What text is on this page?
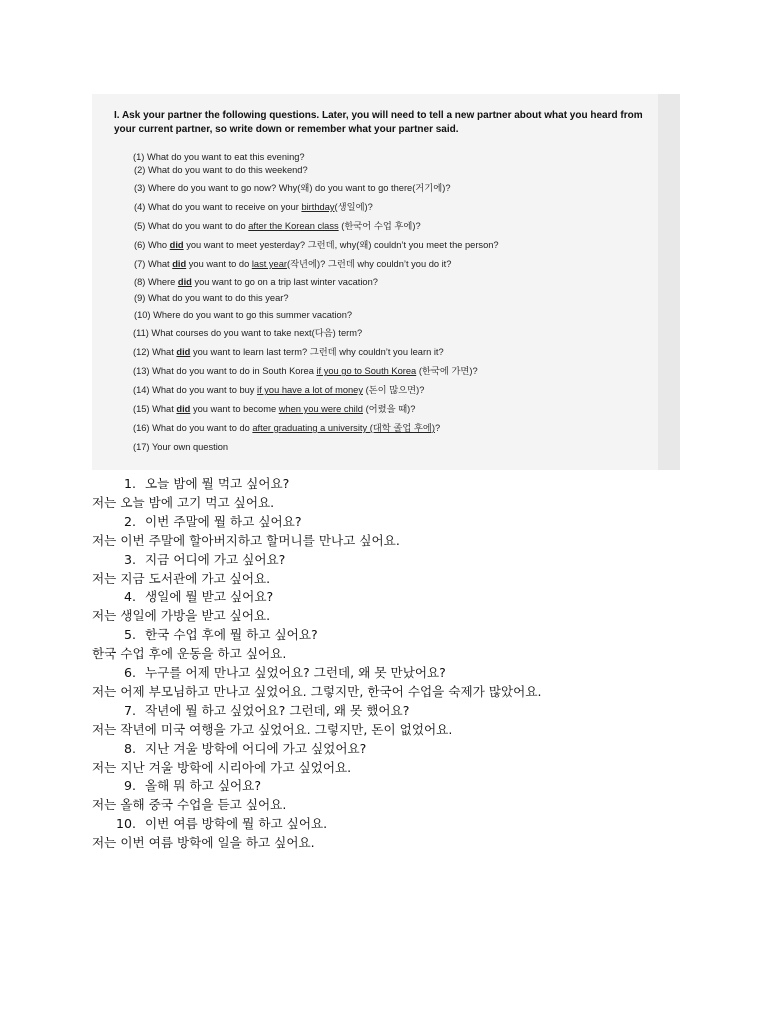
I. Ask your partner the following questions. Later, you will need to tell a new partner about what you heard from your current partner, so write down or remember what your partner said.

(1) What do you want to eat this evening?
(2) What do you want to do this weekend?
(3) Where do you want to go now? Why(왜) do you want to go there(거기에)?
(4) What do you want to receive on your birthday(생일에)?
(5) What do you want to do after the Korean class (한국어 수업 후에)?
(6) Who did you want to meet yesterday? 그런데, why(왜) couldn’t you meet the person?
(7) What did you want to do last year(작년에)? 그런데 why couldn’t you do it?
(8) Where did you want to go on a trip last winter vacation?
(9) What do you want to do this year?
(10) Where do you want to go this summer vacation?
(11) What courses do you want to take next(다음) term?
(12) What did you want to learn last term? 그런데 why couldn’t you learn it?
(13) What do you want to do in South Korea if you go to South Korea (한국에 가면)?
(14) What do you want to buy if you have a lot of money (돈이 많으면)?
(15) What did you want to become when you were child (어렸을 때)?
(16) What do you want to do after graduating a university (대학 졸업 후에)?
(17) Your own question
1. 오늘 밤에 뭘 먹고 싶어요?
저는 오늘 밤에 고기 먹고 싶어요.
2. 이번 주말에 뭘 하고 싶어요?
저는 이번 주말에 할아버지하고 할머니를 만나고 싶어요.
3. 지금 어디에 가고 싶어요?
저는 지금 도서관에 가고 싶어요.
4. 생일에 뭘 받고 싶어요?
저는 생일에 가방을 받고 싶어요.
5. 한국 수업 후에 뭘 하고 싶어요?
한국 수업 후에 운동을 하고 싶어요.
6. 누구를 어제 만나고 싶었어요? 그런데, 왜 못 만났어요?
저는 어제 부모님하고 만나고 싶었어요. 그렇지만, 한국어 수업을 숙제가 많았어요.
7. 작년에 뭘 하고 싶었어요? 그런데, 왜 못 했어요?
저는 작년에 미국 여행을 가고 싶었어요. 그렇지만, 돈이 없었어요.
8. 지난 겨울 방학에 어디에 가고 싶었어요?
저는 지난 겨울 방학에 시리아에 가고 싶었어요.
9. 올해 뭐 하고 싶어요?
저는 올해 중국 수업을 듣고 싶어요.
10. 이번 여름 방학에 뭘 하고 싶어요.
저는 이번 여름 방학에 일을 하고 싶어요.
